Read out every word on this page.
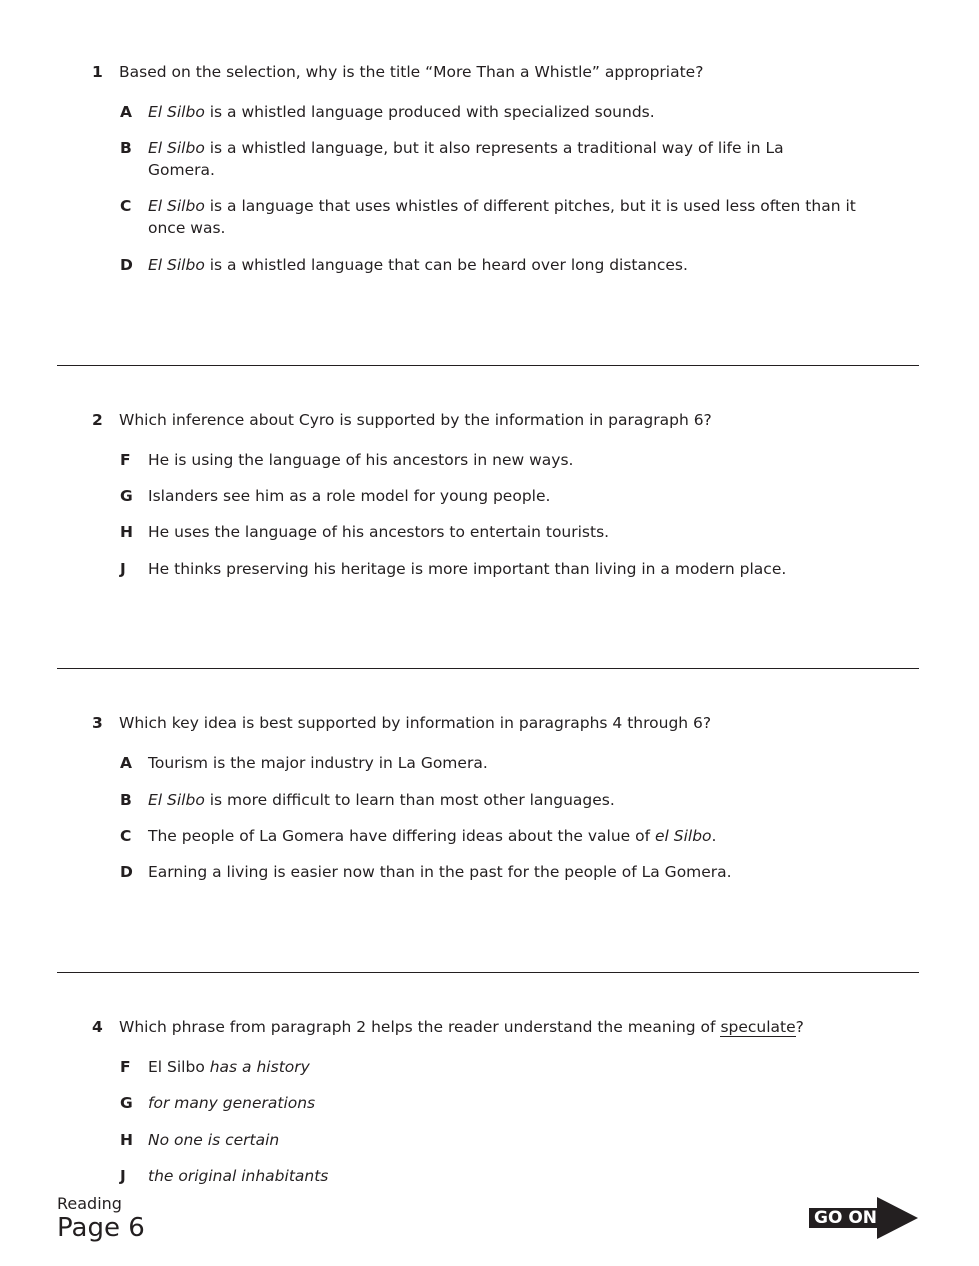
1 Based on the selection, why is the title “More Than a Whistle” appropriate?
A El Silbo is a whistled language produced with specialized sounds.
B El Silbo is a whistled language, but it also represents a traditional way of life in La Gomera.
C El Silbo is a language that uses whistles of different pitches, but it is used less often than it once was.
D El Silbo is a whistled language that can be heard over long distances.
2 Which inference about Cyro is supported by the information in paragraph 6?
F He is using the language of his ancestors in new ways.
G Islanders see him as a role model for young people.
H He uses the language of his ancestors to entertain tourists.
J He thinks preserving his heritage is more important than living in a modern place.
3 Which key idea is best supported by information in paragraphs 4 through 6?
A Tourism is the major industry in La Gomera.
B El Silbo is more difficult to learn than most other languages.
C The people of La Gomera have differing ideas about the value of el Silbo.
D Earning a living is easier now than in the past for the people of La Gomera.
4 Which phrase from paragraph 2 helps the reader understand the meaning of speculate?
F El Silbo has a history
G for many generations
H No one is certain
J the original inhabitants
Reading
Page 6	GO ON
